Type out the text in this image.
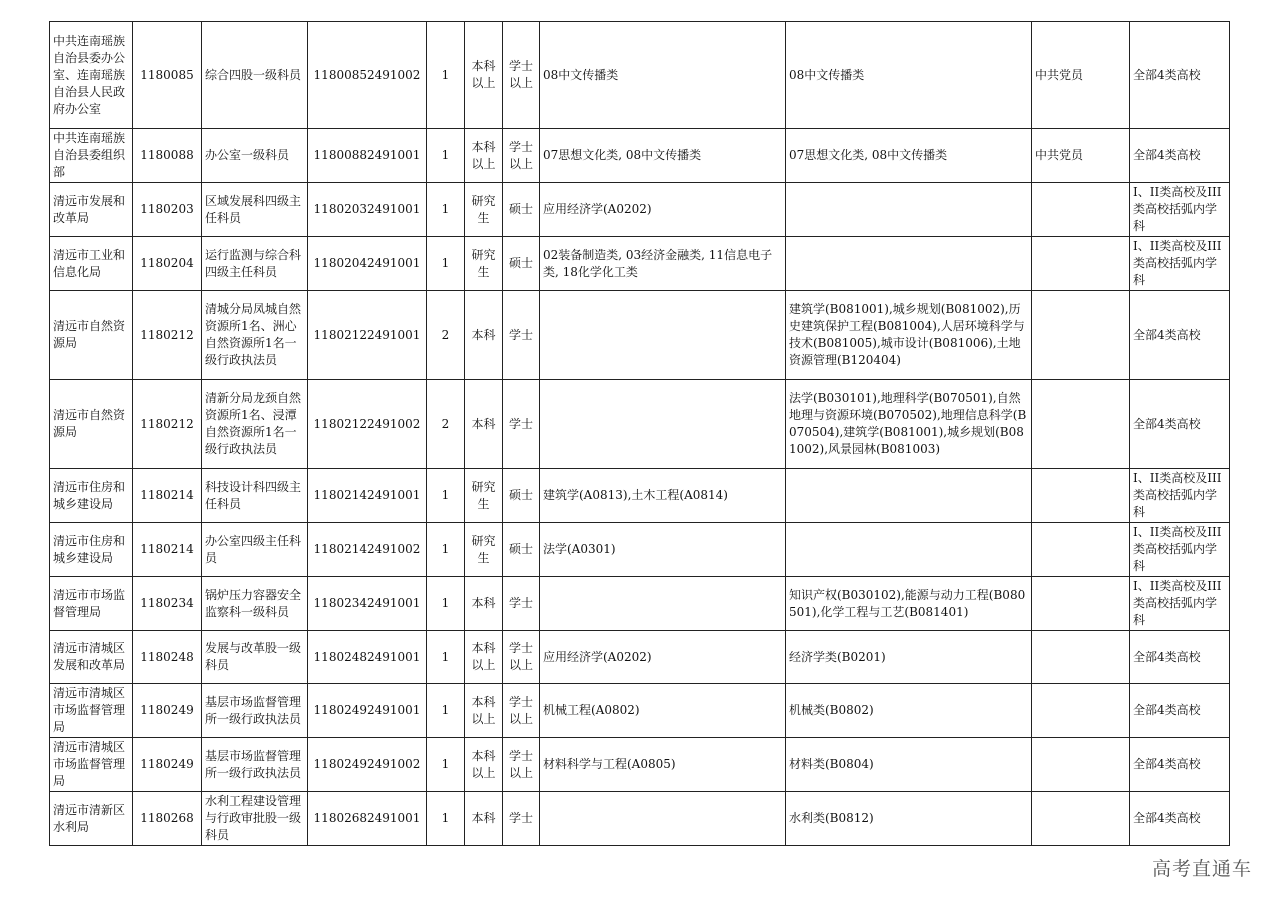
中共连南瑶族自治县委办公室、连南瑶族自治县人民政府办公室	1180085	综合四股一级科员	11800852491002	1	本科以上	学士以上	08中文传播类	08中文传播类	中共党员	全部4类高校
中共连南瑶族自治县委组织部	1180088	办公室一级科员	11800882491001	1	本科以上	学士以上	07思想文化类, 08中文传播类	07思想文化类, 08中文传播类	中共党员	全部4类高校
清远市发展和改革局	1180203	区域发展科四级主任科员	11802032491001	1	研究生	硕士	应用经济学(A0202)			I、II类高校及III类高校括弧内学科
清远市工业和信息化局	1180204	运行监测与综合科四级主任科员	11802042491001	1	研究生	硕士	02装备制造类, 03经济金融类, 11信息电子类, 18化学化工类			I、II类高校及III类高校括弧内学科
清远市自然资源局	1180212	清城分局凤城自然资源所1名、洲心自然资源所1名一级行政执法员	11802122491001	2	本科	学士		建筑学(B081001),城乡规划(B081002),历史建筑保护工程(B081004),人居环境科学与技术(B081005),城市设计(B081006),土地资源管理(B120404)		全部4类高校
清远市自然资源局	1180212	清新分局龙颈自然资源所1名、浸潭自然资源所1名一级行政执法员	11802122491002	2	本科	学士		法学(B030101),地理科学(B070501),自然地理与资源环境(B070502),地理信息科学(B070504),建筑学(B081001),城乡规划(B081002),风景园林(B081003)		全部4类高校
清远市住房和城乡建设局	1180214	科技设计科四级主任科员	11802142491001	1	研究生	硕士	建筑学(A0813),土木工程(A0814)			I、II类高校及III类高校括弧内学科
清远市住房和城乡建设局	1180214	办公室四级主任科员	11802142491002	1	研究生	硕士	法学(A0301)			I、II类高校及III类高校括弧内学科
清远市市场监督管理局	1180234	锅炉压力容器安全监察科一级科员	11802342491001	1	本科	学士		知识产权(B030102),能源与动力工程(B080501),化学工程与工艺(B081401)		I、II类高校及III类高校括弧内学科
清远市清城区发展和改革局	1180248	发展与改革股一级科员	11802482491001	1	本科以上	学士以上	应用经济学(A0202)	经济学类(B0201)		全部4类高校
清远市清城区市场监督管理局	1180249	基层市场监督管理所一级行政执法员	11802492491001	1	本科以上	学士以上	机械工程(A0802)	机械类(B0802)		全部4类高校
清远市清城区市场监督管理局	1180249	基层市场监督管理所一级行政执法员	11802492491002	1	本科以上	学士以上	材料科学与工程(A0805)	材料类(B0804)		全部4类高校
清远市清新区水利局	1180268	水利工程建设管理与行政审批股一级科员	11802682491001	1	本科	学士		水利类(B0812)		全部4类高校
高考直通车
